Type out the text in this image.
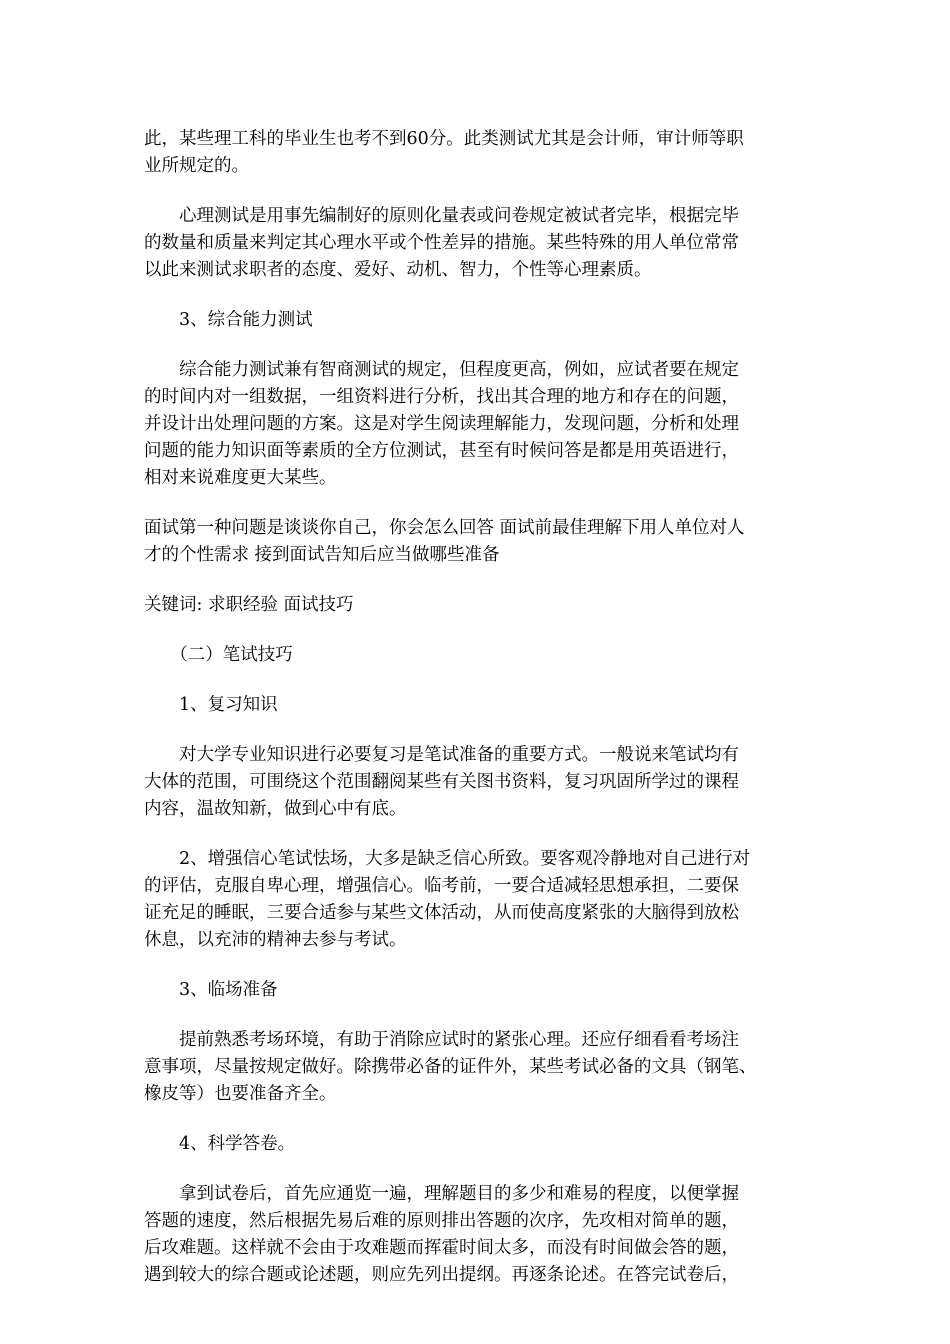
此，某些理工科的毕业生也考不到60分。此类测试尤其是会计师，审计师等职
业所规定的。

　　心理测试是用事先编制好的原则化量表或问卷规定被试者完毕，根据完毕
的数量和质量来判定其心理水平或个性差异的措施。某些特殊的用人单位常常
以此来测试求职者的态度、爱好、动机、智力，个性等心理素质。

　　3、综合能力测试

　　综合能力测试兼有智商测试的规定，但程度更高，例如，应试者要在规定
的时间内对一组数据，一组资料进行分析，找出其合理的地方和存在的问题，
并设计出处理问题的方案。这是对学生阅读理解能力，发现问题，分析和处理
问题的能力知识面等素质的全方位测试，甚至有时候问答是都是用英语进行，
相对来说难度更大某些。

面试第一种问题是谈谈你自己，你会怎么回答 面试前最佳理解下用人单位对人
才的个性需求 接到面试告知后应当做哪些准备

关键词: 求职经验 面试技巧

　　（二）笔试技巧

　　1、复习知识

　　对大学专业知识进行必要复习是笔试准备的重要方式。一般说来笔试均有
大体的范围，可围绕这个范围翻阅某些有关图书资料，复习巩固所学过的课程
内容，温故知新，做到心中有底。

　　2、增强信心笔试怯场，大多是缺乏信心所致。要客观冷静地对自己进行对
的评估，克服自卑心理，增强信心。临考前，一要合适减轻思想承担，二要保
证充足的睡眠，三要合适参与某些文体活动，从而使高度紧张的大脑得到放松
休息，以充沛的精神去参与考试。

　　3、临场准备

　　提前熟悉考场环境，有助于消除应试时的紧张心理。还应仔细看看考场注
意事项，尽量按规定做好。除携带必备的证件外，某些考试必备的文具（钢笔、
橡皮等）也要准备齐全。

　　4、科学答卷。

　　拿到试卷后，首先应通览一遍，理解题目的多少和难易的程度，以便掌握
答题的速度，然后根据先易后难的原则排出答题的次序，先攻相对简单的题，
后攻难题。这样就不会由于攻难题而挥霍时间太多，而没有时间做会答的题，
遇到较大的综合题或论述题，则应先列出提纲。再逐条论述。在答完试卷后，
